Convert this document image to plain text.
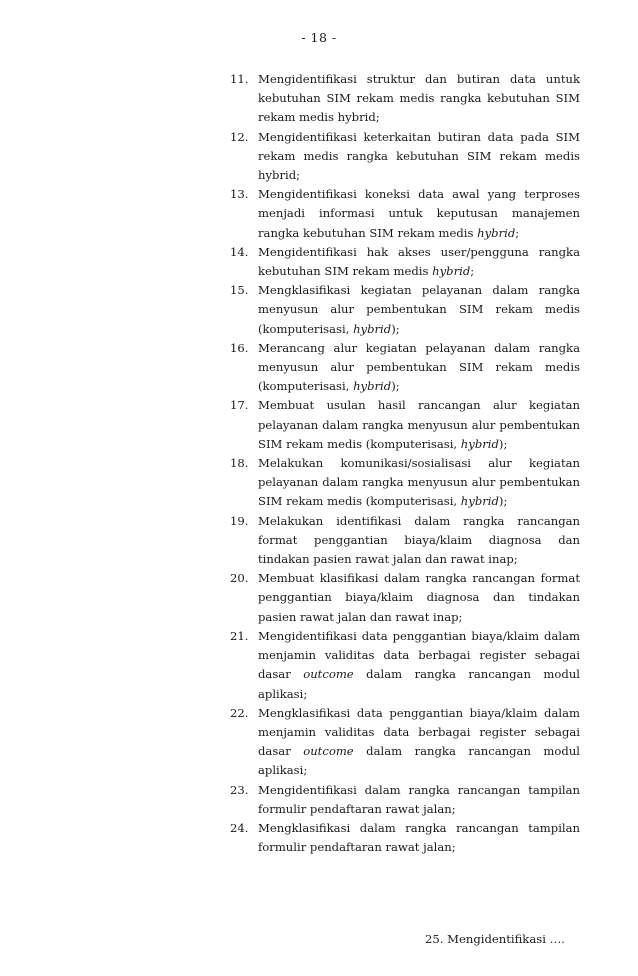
- 18 -
11. Mengidentifikasi struktur dan butiran data untuk kebutuhan SIM rekam medis rangka kebutuhan SIM rekam medis hybrid;
12. Mengidentifikasi keterkaitan butiran data pada SIM rekam medis rangka kebutuhan SIM rekam medis hybrid;
13. Mengidentifikasi koneksi data awal yang terproses menjadi informasi untuk keputusan manajemen rangka kebutuhan SIM rekam medis hybrid;
14. Mengidentifikasi hak akses user/pengguna rangka kebutuhan SIM rekam medis hybrid;
15. Mengklasifikasi kegiatan pelayanan dalam rangka menyusun alur pembentukan SIM rekam medis (komputerisasi, hybrid);
16. Merancang alur kegiatan pelayanan dalam rangka menyusun alur pembentukan SIM rekam medis (komputerisasi, hybrid);
17. Membuat usulan hasil rancangan alur kegiatan pelayanan dalam rangka menyusun alur pembentukan SIM rekam medis (komputerisasi, hybrid);
18. Melakukan komunikasi/sosialisasi alur kegiatan pelayanan dalam rangka menyusun alur pembentukan SIM rekam medis (komputerisasi, hybrid);
19. Melakukan identifikasi dalam rangka rancangan format penggantian biaya/klaim diagnosa dan tindakan pasien rawat jalan dan rawat inap;
20. Membuat klasifikasi dalam rangka rancangan format penggantian biaya/klaim diagnosa dan tindakan pasien rawat jalan dan rawat inap;
21. Mengidentifikasi data penggantian biaya/klaim dalam menjamin validitas data berbagai register sebagai dasar outcome dalam rangka rancangan modul aplikasi;
22. Mengklasifikasi data penggantian biaya/klaim dalam menjamin validitas data berbagai register sebagai dasar outcome dalam rangka rancangan modul aplikasi;
23. Mengidentifikasi dalam rangka rancangan tampilan formulir pendaftaran rawat jalan;
24. Mengklasifikasi dalam rangka rancangan tampilan formulir pendaftaran rawat jalan;
25. Mengidentifikasi ….
